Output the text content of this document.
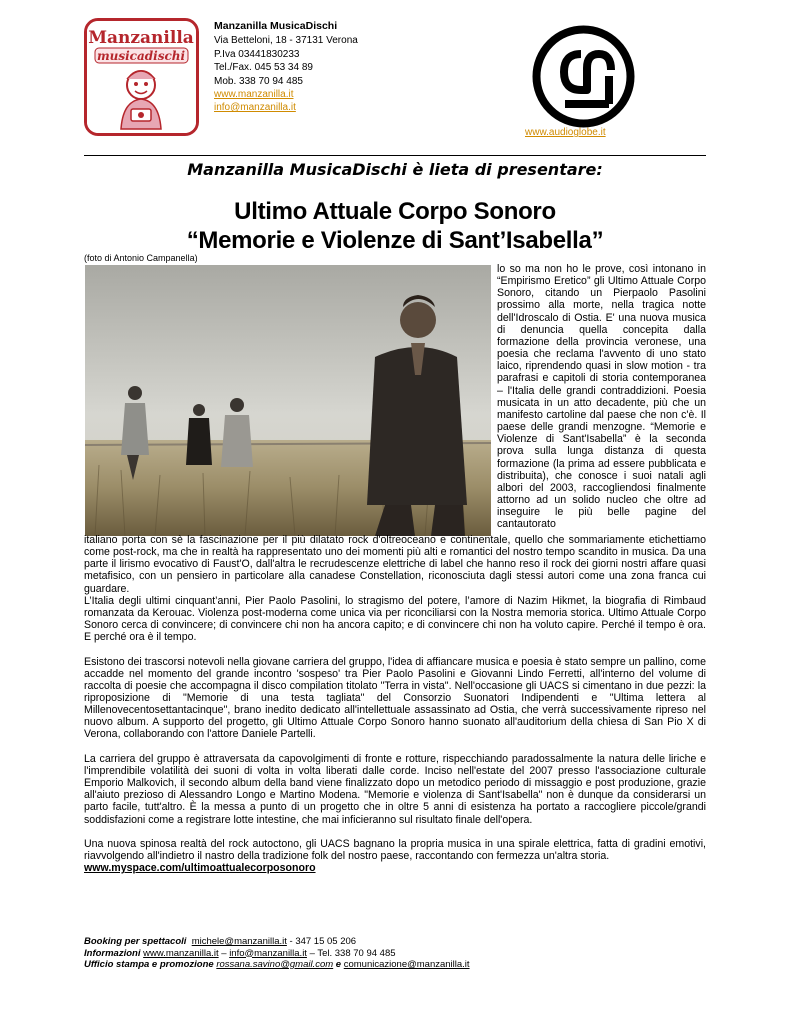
Manzanilla
musicadischi
Manzanilla MusicaDischi
Via Betteloni, 18 - 37131 Verona
P.Iva 03441830233
Tel./Fax. 045 53 34 89
Mob. 338 70 94 485
www.manzanilla.it
info@manzanilla.it
www.audioglobe.it
Manzanilla MusicaDischi è lieta di presentare:
Ultimo Attuale Corpo Sonoro
“Memorie e Violenze di Sant’Isabella”
(foto di Antonio Campanella)
lo so ma non ho le prove, così intonano in “Empirismo Eretico” gli Ultimo Attuale Corpo Sonoro, citando un Pierpaolo Pasolini prossimo alla morte, nella tragica notte dell'Idroscalo di Ostia. E' una nuova musica di denuncia quella concepita dalla formazione della provincia veronese, una poesia che reclama l'avvento di uno stato laico, riprendendo quasi in slow motion - tra parafrasi e capitoli di storia contemporanea – l'Italia delle grandi contraddizioni. Poesia musicata in un atto decadente, più che un manifesto cartoline dal paese che non c'è. Il paese delle grandi menzogne. “Memorie e Violenze di Sant'Isabella” è la seconda prova sulla lunga distanza di questa formazione (la prima ad essere pubblicata e distribuita), che conosce i suoi natali agli albori del 2003, raccogliendosi finalmente attorno ad un solido nucleo che oltre ad inseguire le più belle pagine del cantautorato

italiano porta con sè la fascinazione per il più dilatato rock d'oltreoceano e continentale, quello che sommariamente etichettiamo come post-rock, ma che in realtà ha rappresentato uno dei momenti più alti e romantici del nostro tempo scandito in musica. Da una parte il lirismo evocativo di Faust'O, dall'altra le recrudescenze elettriche di label che hanno reso il rock dei giorni nostri affare quasi metafisico, con un pensiero in particolare alla canadese Constellation, riconosciuta dagli stessi autori come una zona franca cui guardare.

L’Italia degli ultimi cinquant’anni, Pier Paolo Pasolini, lo stragismo del potere, l’amore di Nazim Hikmet, la biografia di Rimbaud romanzata da Kerouac. Violenza post-moderna come unica via per riconciliarsi con la Nostra memoria storica. Ultimo Attuale Corpo Sonoro cerca di convincere; di convincere chi non ha ancora capito; e di convincere chi non ha voluto capire. Perché il tempo è ora. E perché ora è il tempo.

Esistono dei trascorsi notevoli nella giovane carriera del gruppo, l'idea di affiancare musica e poesia è stato sempre un pallino, come accadde nel momento del grande incontro 'sospeso' tra Pier Paolo Pasolini e Giovanni Lindo Ferretti, all'interno del volume di raccolta di poesie che accompagna il disco compilation titolato "Terra in vista". Nell'occasione gli UACS si cimentano in due pezzi: la riproposizione di "Memorie di una testa tagliata" del Consorzio Suonatori Indipendenti e "Ultima lettera al Millenovecentosettantacinque", brano inedito dedicato all'intellettuale assassinato ad Ostia, che verrà successivamente ripreso nel nuovo album. A supporto del progetto, gli Ultimo Attuale Corpo Sonoro hanno suonato all'auditorium della chiesa di San Pio X di Verona, collaborando con l'attore Daniele Partelli.

La carriera del gruppo è attraversata da capovolgimenti di fronte e rotture, rispecchiando paradossalmente la natura delle liriche e l'imprendibile volatilità dei suoni di volta in volta liberati dalle corde. Inciso nell'estate del 2007 presso l'associazione culturale Emporio Malkovich, il secondo album della band viene finalizzato dopo un metodico periodo di missaggio e post produzione, grazie all'aiuto prezioso di Alessandro Longo e Martino Modena. "Memorie e violenza di Sant'Isabella" non è dunque da considerarsi un parto facile, tutt'altro. È la messa a punto di un progetto che in oltre 5 anni di esistenza ha portato a raccogliere piccole/grandi soddisfazioni come a registrare lotte intestine, che mai inficieranno sul risultato finale dell'opera.

Una nuova spinosa realtà del rock autoctono, gli UACS bagnano la propria musica in una spirale elettrica, fatta di gradini emotivi, riavvolgendo all'indietro il nastro della tradizione folk del nostro paese, raccontando con fermezza un'altra storia.

www.myspace.com/ultimoattualecorposonoro
Booking per spettacoli michele@manzanilla.it - 347 15 05 206
Informazioni www.manzanilla.it – info@manzanilla.it – Tel. 338 70 94 485
Ufficio stampa e promozione rossana.savino@gmail.com e comunicazione@manzanilla.it
